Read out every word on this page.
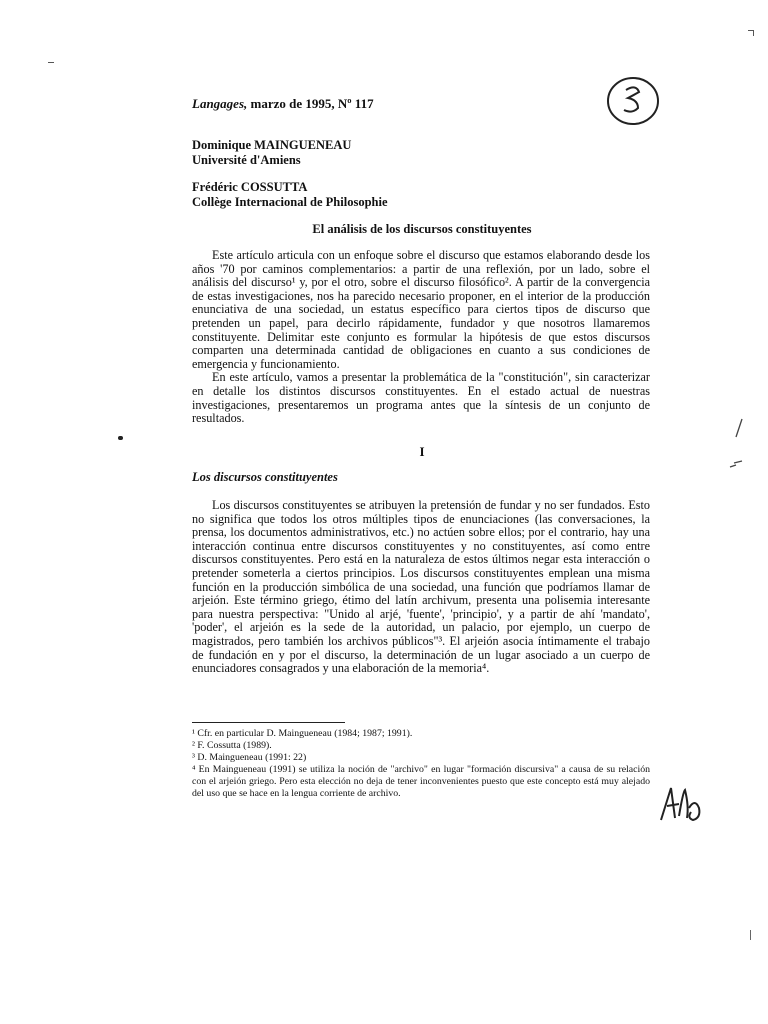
Langages, marzo de 1995, Nº 117
Dominique MAINGUENEAU
Université d'Amiens
Frédéric COSSUTTA
Collège Internacional de Philosophie
El análisis de los discursos constituyentes

Este artículo articula con un enfoque sobre el discurso que estamos elaborando desde los años '70 por caminos complementarios: a partir de una reflexión, por un lado, sobre el análisis del discurso¹ y, por el otro, sobre el discurso filosófico². A partir de la convergencia de estas investigaciones, nos ha parecido necesario proponer, en el interior de la producción enunciativa de una sociedad, un estatus específico para ciertos tipos de discurso que pretenden un papel, para decirlo rápidamente, fundador y que nosotros llamaremos constituyente. Delimitar este conjunto es formular la hipótesis de que estos discursos comparten una determinada cantidad de obligaciones en cuanto a sus condiciones de emergencia y funcionamiento.

En este artículo, vamos a presentar la problemática de la "constitución", sin caracterizar en detalle los distintos discursos constituyentes. En el estado actual de nuestras investigaciones, presentaremos un programa antes que la síntesis de un conjunto de resultados.

I
Los discursos constituyentes

Los discursos constituyentes se atribuyen la pretensión de fundar y no ser fundados. Esto no significa que todos los otros múltiples tipos de enunciaciones (las conversaciones, la prensa, los documentos administrativos, etc.) no actúen sobre ellos; por el contrario, hay una interacción continua entre discursos constituyentes y no constituyentes, así como entre discursos constituyentes. Pero está en la naturaleza de estos últimos negar esta interacción o pretender someterla a ciertos principios. Los discursos constituyentes emplean una misma función en la producción simbólica de una sociedad, una función que podríamos llamar de arjeión. Este término griego, étimo del latín archivum, presenta una polisemia interesante para nuestra perspectiva: "Unido al arjé, 'fuente', 'principio', y a partir de ahí 'mandato', 'poder', el arjeión es la sede de la autoridad, un palacio, por ejemplo, un cuerpo de magistrados, pero también los archivos públicos"³. El arjeión asocia íntimamente el trabajo de fundación en y por el discurso, la determinación de un lugar asociado a un cuerpo de enunciadores consagrados y una elaboración de la memoria⁴.

¹ Cfr. en particular D. Maingueneau (1984; 1987; 1991).
² F. Cossutta (1989).
³ D. Maingueneau (1991: 22)
⁴ En Maingueneau (1991) se utiliza la noción de "archivo" en lugar "formación discursiva" a causa de su relación con el arjeión griego. Pero esta elección no deja de tener inconvenientes puesto que este concepto está muy alejado del uso que se hace en la lengua corriente de archivo.
